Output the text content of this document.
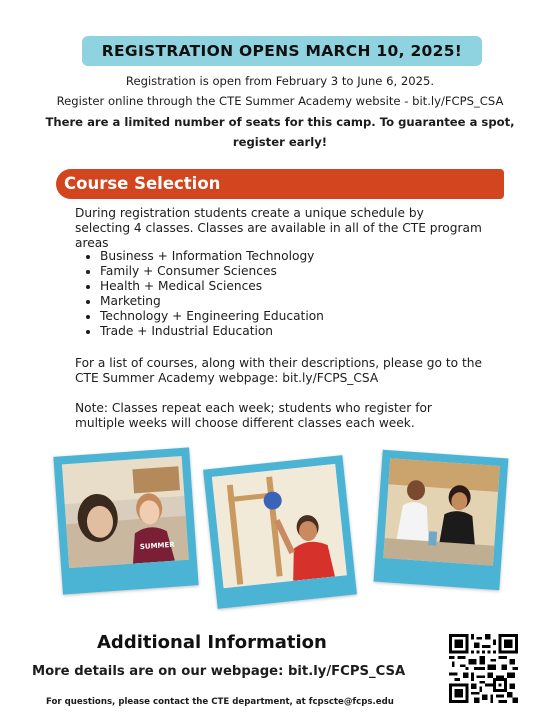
REGISTRATION OPENS MARCH 10, 2025!
Registration is open from February 3 to June 6, 2025.
Register online through the CTE Summer Academy website - bit.ly/FCPS_CSA
There are a limited number of seats for this camp. To guarantee a spot,
register early!
Course Selection
During registration students create a unique schedule by
selecting 4 classes. Classes are available in all of the CTE program
areas
• Business + Information Technology
• Family + Consumer Sciences
• Health + Medical Sciences
• Marketing
• Technology + Engineering Education
• Trade + Industrial Education
For a list of courses, along with their descriptions, please go to the
CTE Summer Academy webpage: bit.ly/FCPS_CSA
Note: Classes repeat each week; students who register for
multiple weeks will choose different classes each week.
SUMMER
Additional Information
More details are on our webpage: bit.ly/FCPS_CSA
For questions, please contact the CTE department, at fcpscte@fcps.edu
